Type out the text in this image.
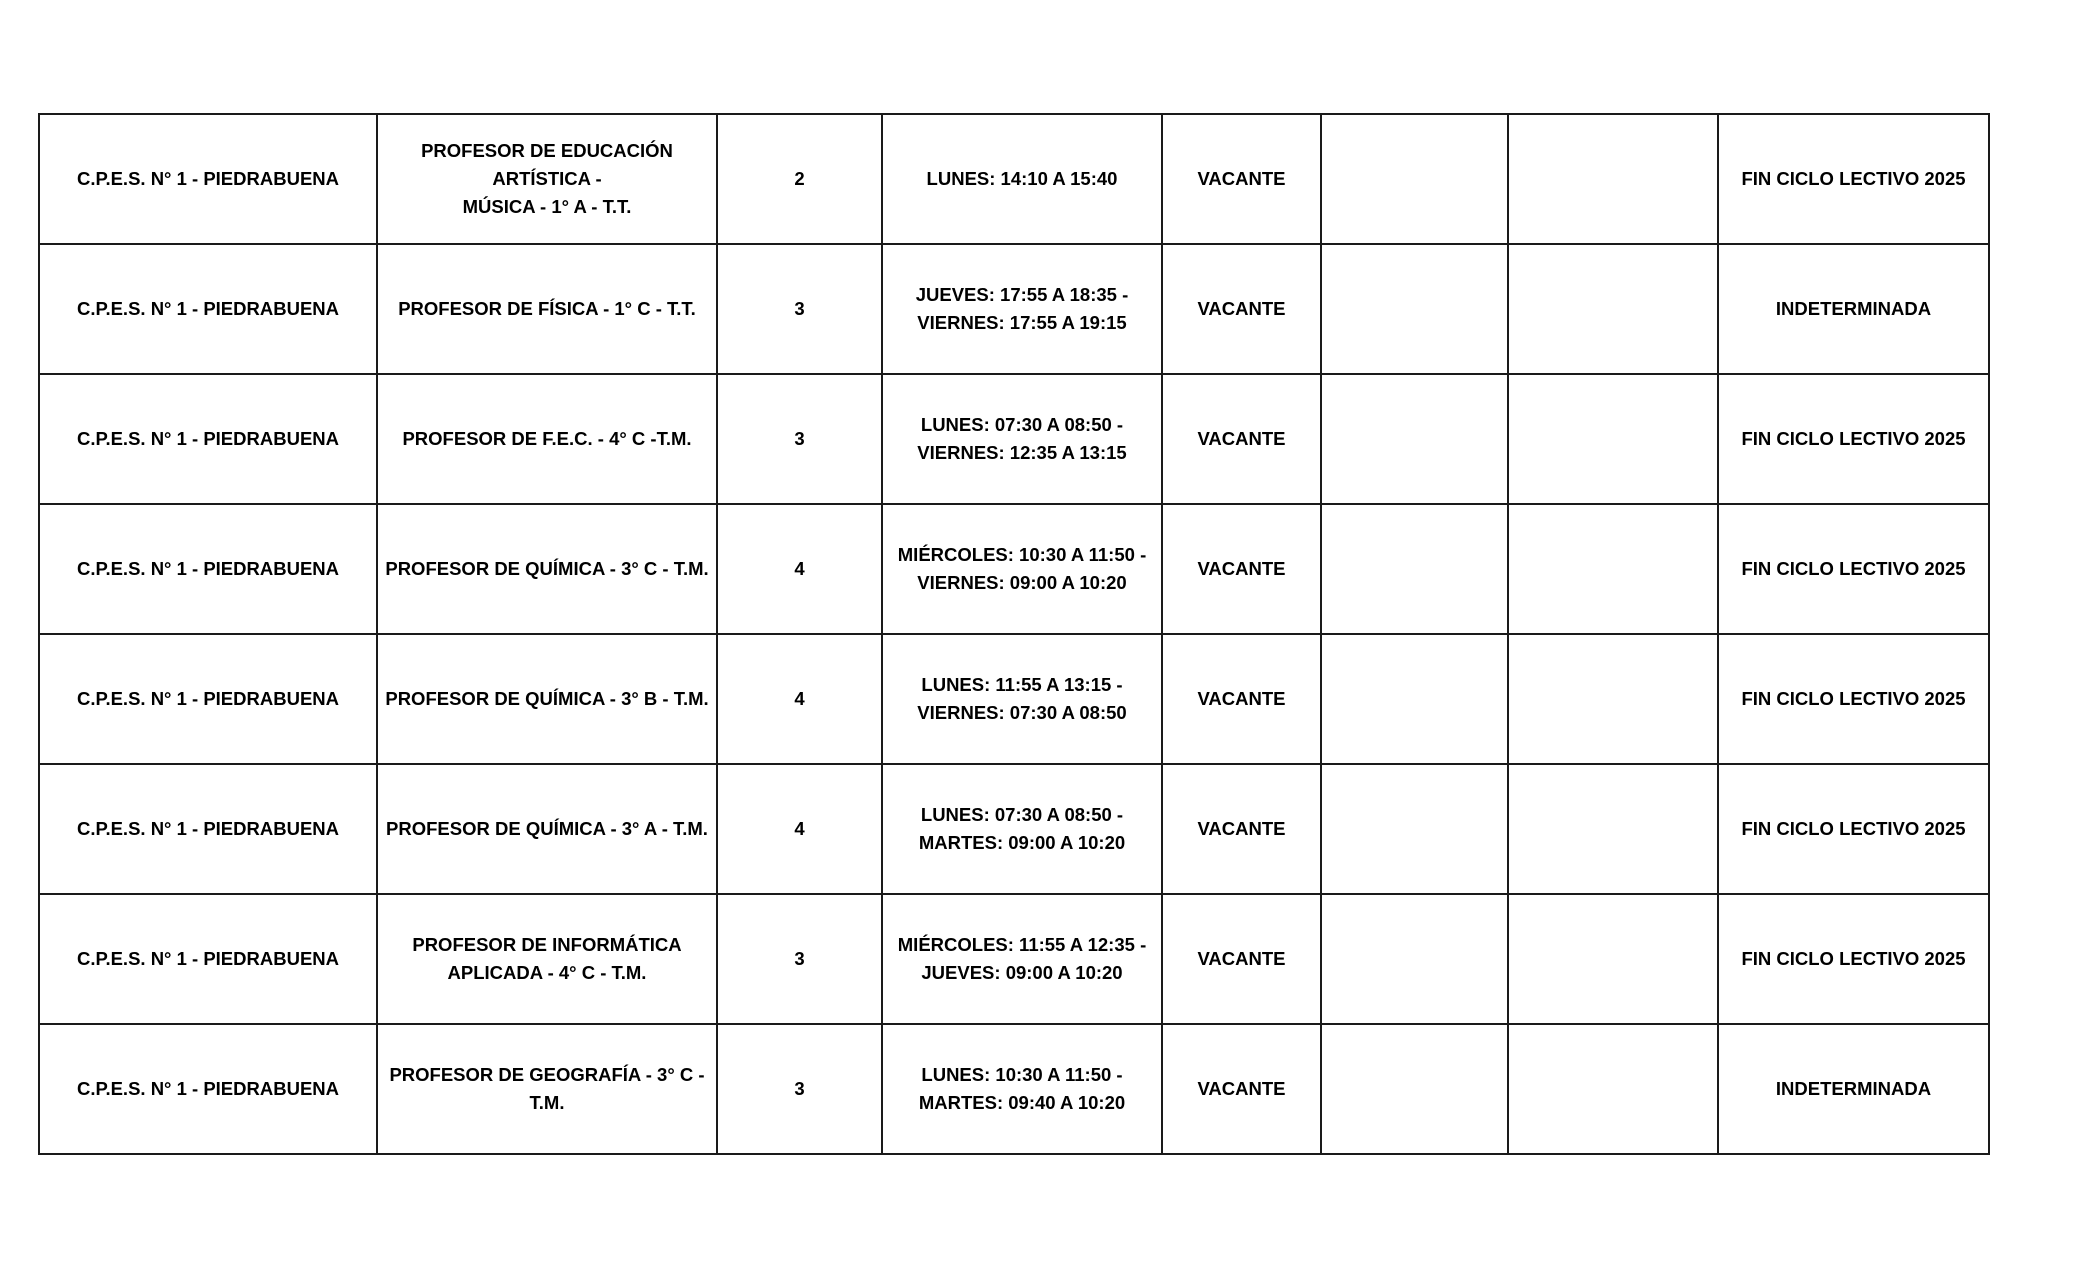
C.P.E.S. N° 1 - PIEDRABUENA	PROFESOR DE EDUCACIÓN ARTÍSTICA -
MÚSICA - 1° A - T.T.	2	LUNES: 14:10 A 15:40	VACANTE			FIN CICLO LECTIVO 2025
C.P.E.S. N° 1 - PIEDRABUENA	PROFESOR DE FÍSICA - 1° C - T.T.	3	JUEVES: 17:55 A 18:35 -
VIERNES: 17:55 A 19:15	VACANTE			INDETERMINADA
C.P.E.S. N° 1 - PIEDRABUENA	PROFESOR DE F.E.C. - 4° C -T.M.	3	LUNES: 07:30 A 08:50 -
VIERNES: 12:35 A 13:15	VACANTE			FIN CICLO LECTIVO 2025
C.P.E.S. N° 1 - PIEDRABUENA	PROFESOR DE QUÍMICA - 3° C - T.M.	4	MIÉRCOLES: 10:30 A 11:50 -
VIERNES: 09:00 A 10:20	VACANTE			FIN CICLO LECTIVO 2025
C.P.E.S. N° 1 - PIEDRABUENA	PROFESOR DE QUÍMICA - 3° B - T.M.	4	LUNES: 11:55 A 13:15 -
VIERNES: 07:30 A 08:50	VACANTE			FIN CICLO LECTIVO 2025
C.P.E.S. N° 1 - PIEDRABUENA	PROFESOR DE QUÍMICA - 3° A - T.M.	4	LUNES: 07:30 A 08:50 -
MARTES: 09:00 A 10:20	VACANTE			FIN CICLO LECTIVO 2025
C.P.E.S. N° 1 - PIEDRABUENA	PROFESOR DE INFORMÁTICA
APLICADA - 4° C - T.M.	3	MIÉRCOLES: 11:55 A 12:35 -
JUEVES: 09:00 A 10:20	VACANTE			FIN CICLO LECTIVO 2025
C.P.E.S. N° 1 - PIEDRABUENA	PROFESOR DE GEOGRAFÍA - 3° C -
T.M.	3	LUNES: 10:30 A 11:50 -
MARTES: 09:40 A 10:20	VACANTE			INDETERMINADA
